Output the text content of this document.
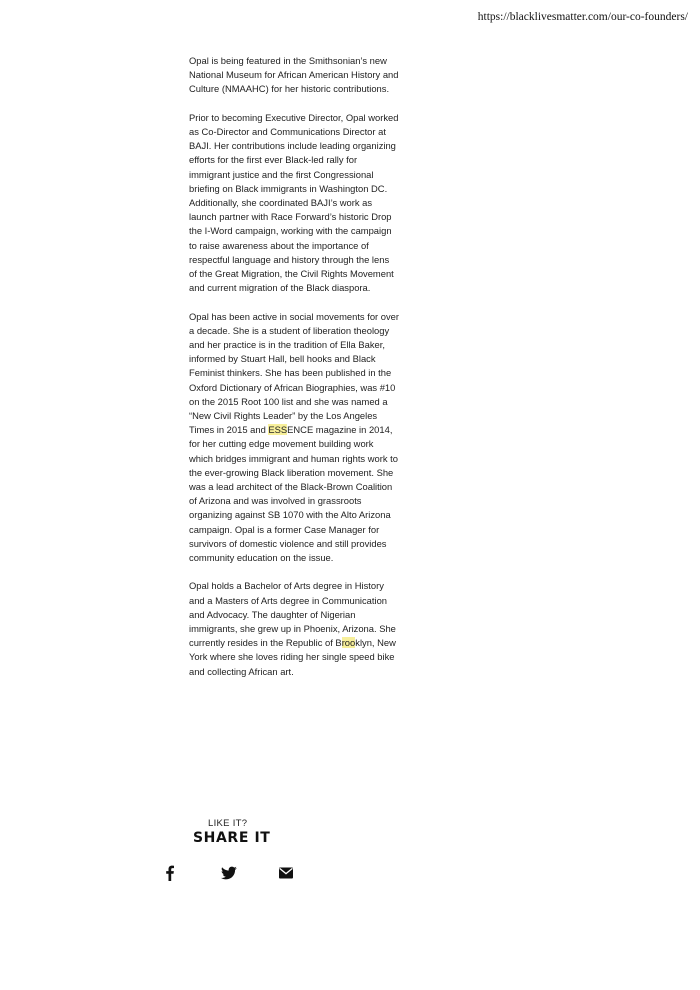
https://blacklivesmatter.com/our-co-founders/

Opal is being featured in the Smithsonian’s new National Museum for African American History and Culture (NMAAHC) for her historic contributions.

Prior to becoming Executive Director, Opal worked as Co-Director and Communications Director at BAJI. Her contributions include leading organizing efforts for the first ever Black-led rally for immigrant justice and the first Congressional briefing on Black immigrants in Washington DC. Additionally, she coordinated BAJI’s work as launch partner with Race Forward’s historic Drop the I-Word campaign, working with the campaign to raise awareness about the importance of respectful language and history through the lens of the Great Migration, the Civil Rights Movement and current migration of the Black diaspora.

Opal has been active in social movements for over a decade. She is a student of liberation theology and her practice is in the tradition of Ella Baker, informed by Stuart Hall, bell hooks and Black Feminist thinkers. She has been published in the Oxford Dictionary of African Biographies, was #10 on the 2015 Root 100 list and she was named a “New Civil Rights Leader” by the Los Angeles Times in 2015 and ESSENCE magazine in 2014, for her cutting edge movement building work which bridges immigrant and human rights work to the ever-growing Black liberation movement. She was a lead architect of the Black-Brown Coalition of Arizona and was involved in grassroots organizing against SB 1070 with the Alto Arizona campaign. Opal is a former Case Manager for survivors of domestic violence and still provides community education on the issue.

Opal holds a Bachelor of Arts degree in History and a Masters of Arts degree in Communication and Advocacy. The daughter of Nigerian immigrants, she grew up in Phoenix, Arizona. She currently resides in the Republic of Brooklyn, New York where she loves riding her single speed bike and collecting African art.

LIKE IT?
SHARE IT
